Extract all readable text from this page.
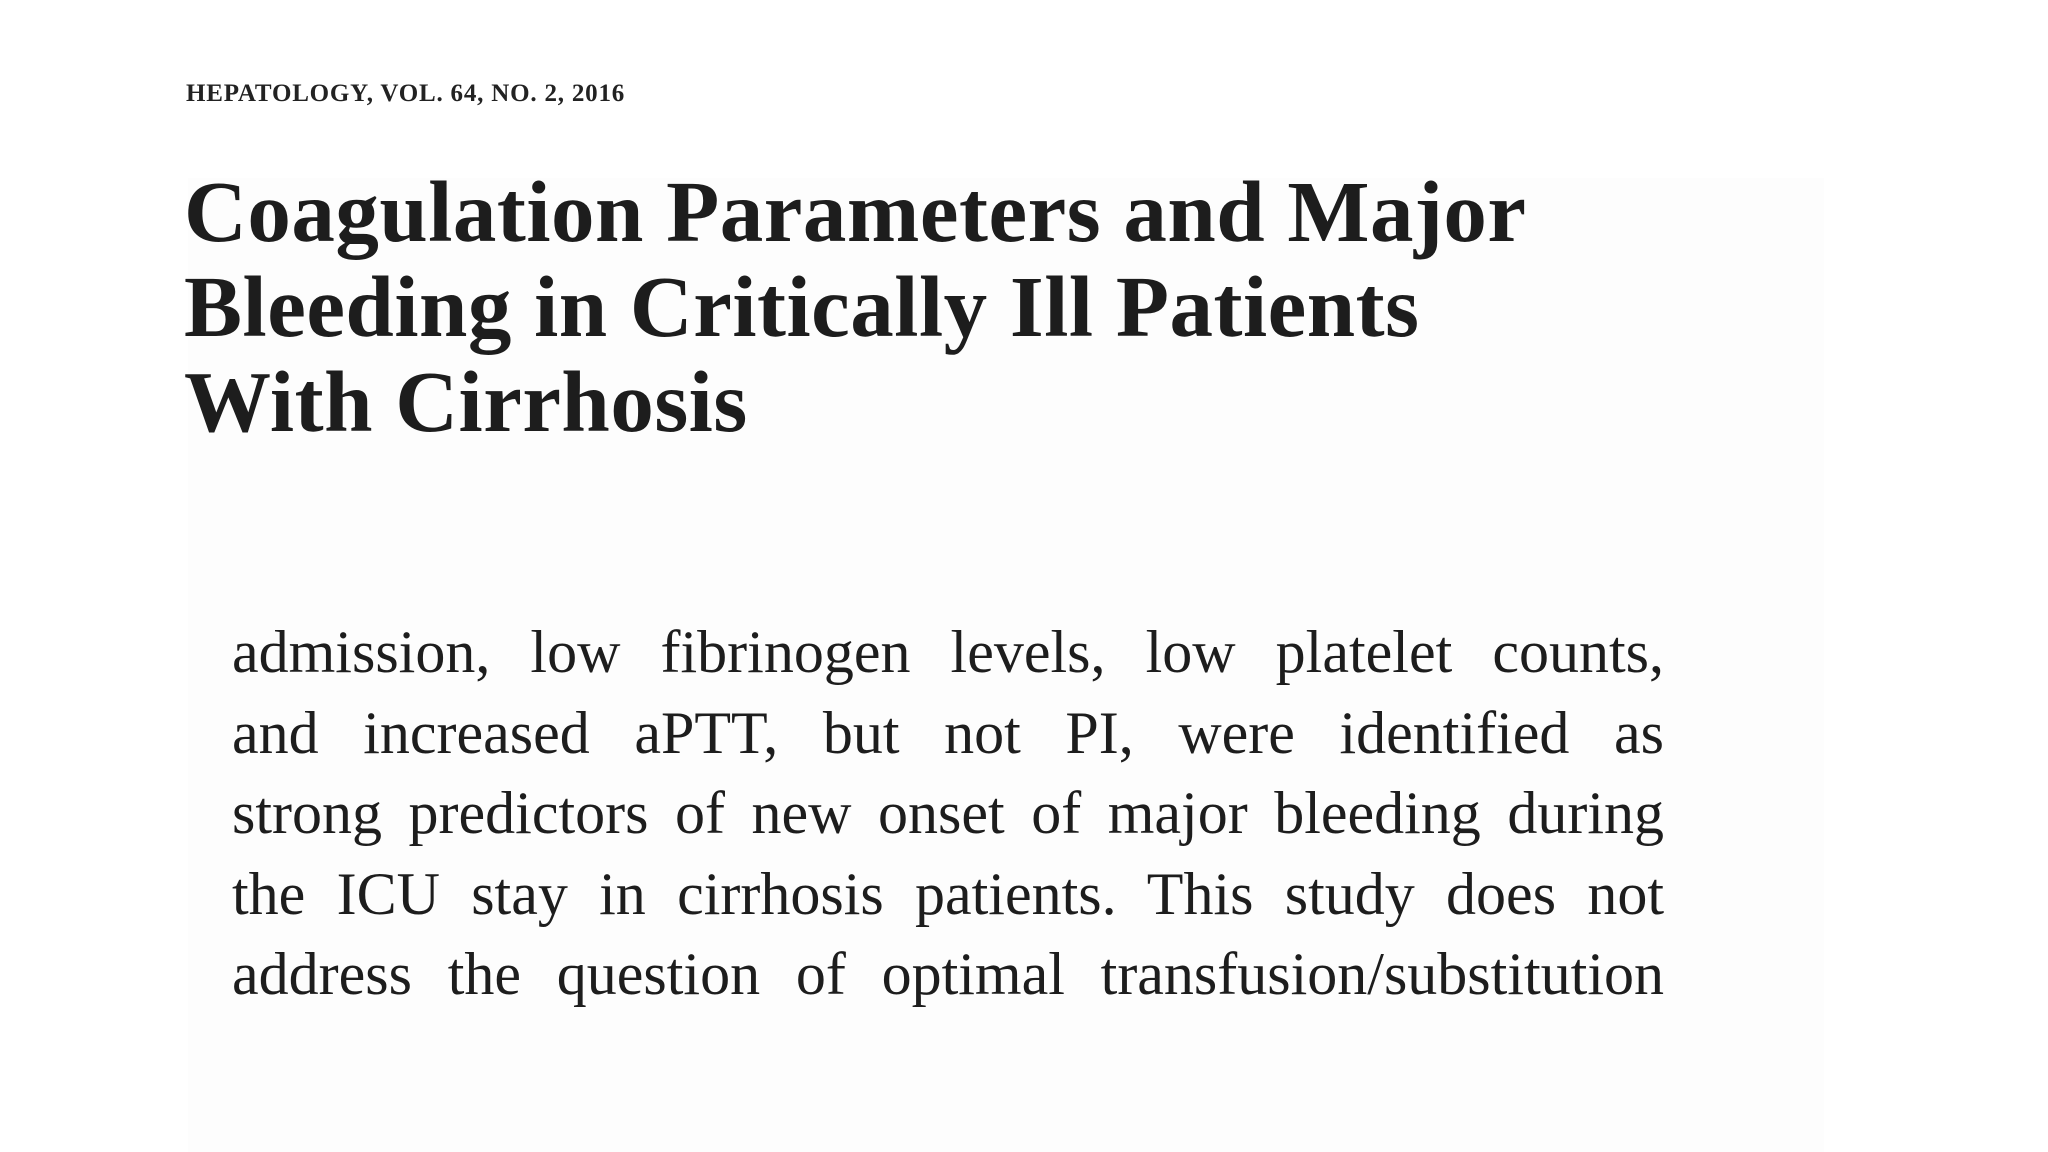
HEPATOLOGY, VOL. 64, NO. 2, 2016
Coagulation Parameters and Major
Bleeding in Critically Ill Patients
With Cirrhosis

admission, low fibrinogen levels, low platelet counts,
and increased aPTT, but not PI, were identified as
strong predictors of new onset of major bleeding during
the ICU stay in cirrhosis patients. This study does not
address the question of optimal transfusion/substitution
